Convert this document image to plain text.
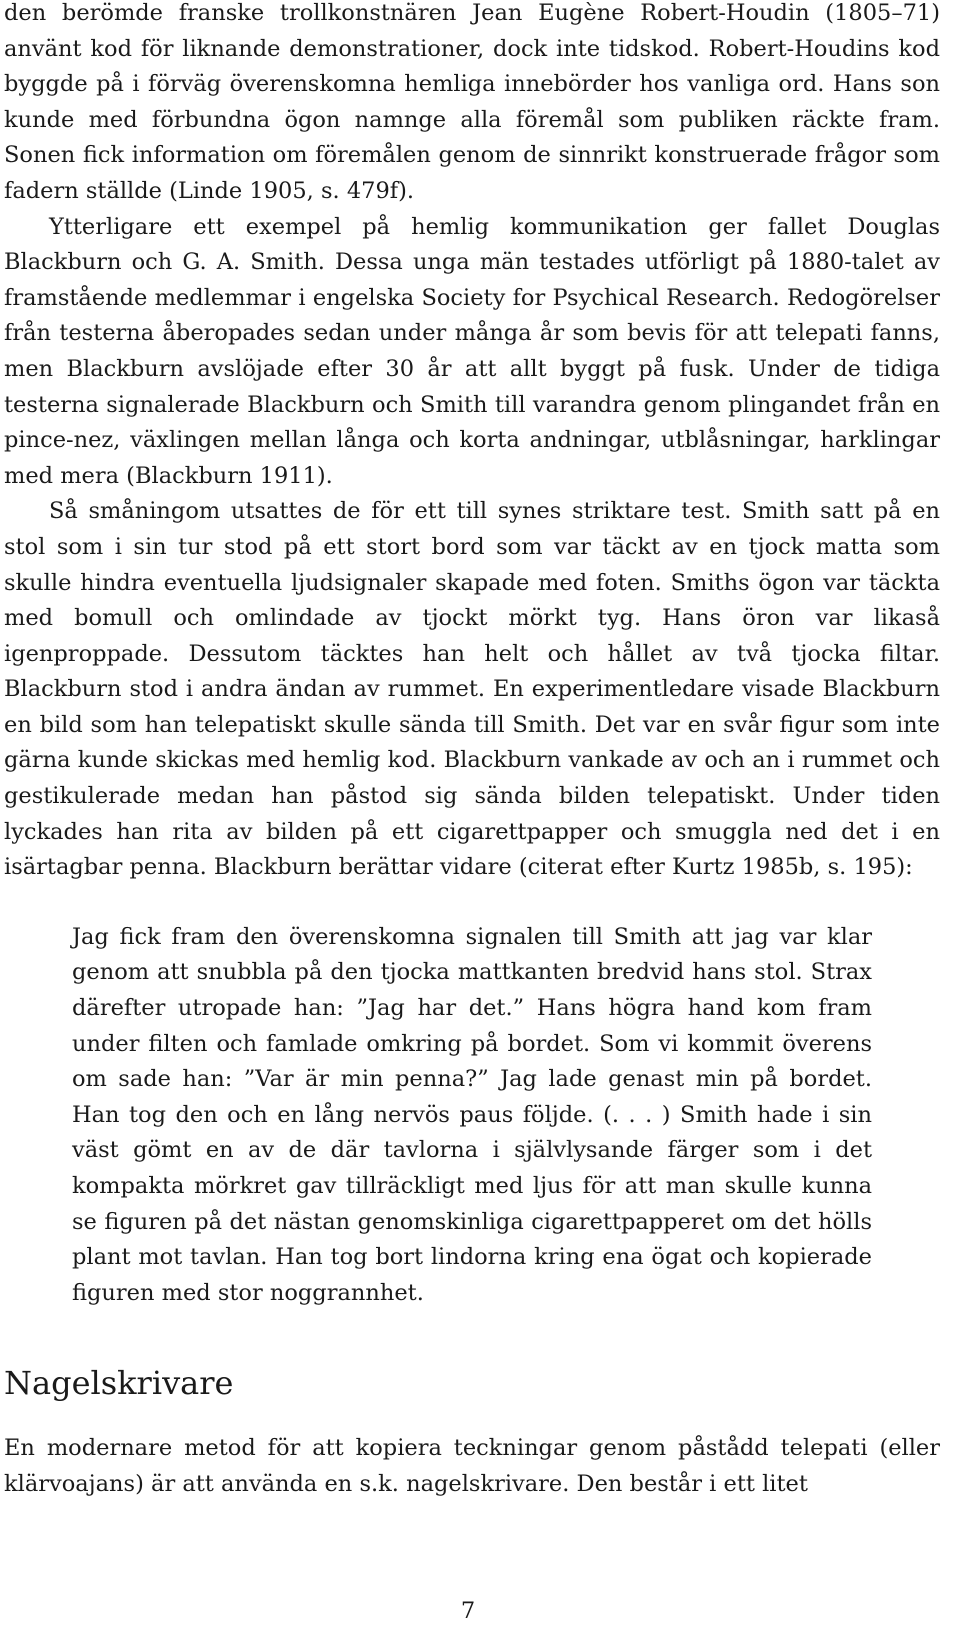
den berömde franske trollkonstnären Jean Eugène Robert-Houdin (1805–71) använt kod för liknande demonstrationer, dock inte tidskod. Robert-Houdins kod byggde på i förväg överenskomna hemliga innebörder hos vanliga ord. Hans son kunde med förbundna ögon namnge alla föremål som publiken räckte fram. Sonen fick information om föremålen genom de sinnrikt konstruerade frågor som fadern ställde (Linde 1905, s. 479f).

Ytterligare ett exempel på hemlig kommunikation ger fallet Douglas Blackburn och G. A. Smith. Dessa unga män testades utförligt på 1880-talet av framstående medlemmar i engelska Society for Psychical Research. Redogörelser från testerna åberopades sedan under många år som bevis för att telepati fanns, men Blackburn avslöjade efter 30 år att allt byggt på fusk. Under de tidiga testerna signalerade Blackburn och Smith till varandra genom plingandet från en pince-nez, växlingen mellan långa och korta andningar, utblåsningar, harklingar med mera (Blackburn 1911).

Så småningom utsattes de för ett till synes striktare test. Smith satt på en stol som i sin tur stod på ett stort bord som var täckt av en tjock matta som skulle hindra eventuella ljudsignaler skapade med foten. Smiths ögon var täckta med bomull och omlindade av tjockt mörkt tyg. Hans öron var likaså igenproppade. Dessutom täcktes han helt och hållet av två tjocka filtar. Blackburn stod i andra ändan av rummet. En experimentledare visade Blackburn en bild som han telepatiskt skulle sända till Smith. Det var en svår figur som inte gärna kunde skickas med hemlig kod. Blackburn vankade av och an i rummet och gestikulerade medan han påstod sig sända bilden telepatiskt. Under tiden lyckades han rita av bilden på ett cigarettpapper och smuggla ned det i en isärtagbar penna. Blackburn berättar vidare (citerat efter Kurtz 1985b, s. 195):

Jag fick fram den överenskomna signalen till Smith att jag var klar genom att snubbla på den tjocka mattkanten bredvid hans stol. Strax därefter utropade han: ”Jag har det.” Hans högra hand kom fram under filten och famlade omkring på bordet. Som vi kommit överens om sade han: ”Var är min penna?” Jag lade genast min på bordet. Han tog den och en lång nervös paus följde. (. . . ) Smith hade i sin väst gömt en av de där tavlorna i självlysande färger som i det kompakta mörkret gav tillräckligt med ljus för att man skulle kunna se figuren på det nästan genomskinliga cigarettpapperet om det hölls plant mot tavlan. Han tog bort lindorna kring ena ögat och kopierade figuren med stor noggrannhet.

Nagelskrivare

En modernare metod för att kopiera teckningar genom påstådd telepati (eller klärvoajans) är att använda en s.k. nagelskrivare. Den består i ett litet

7
